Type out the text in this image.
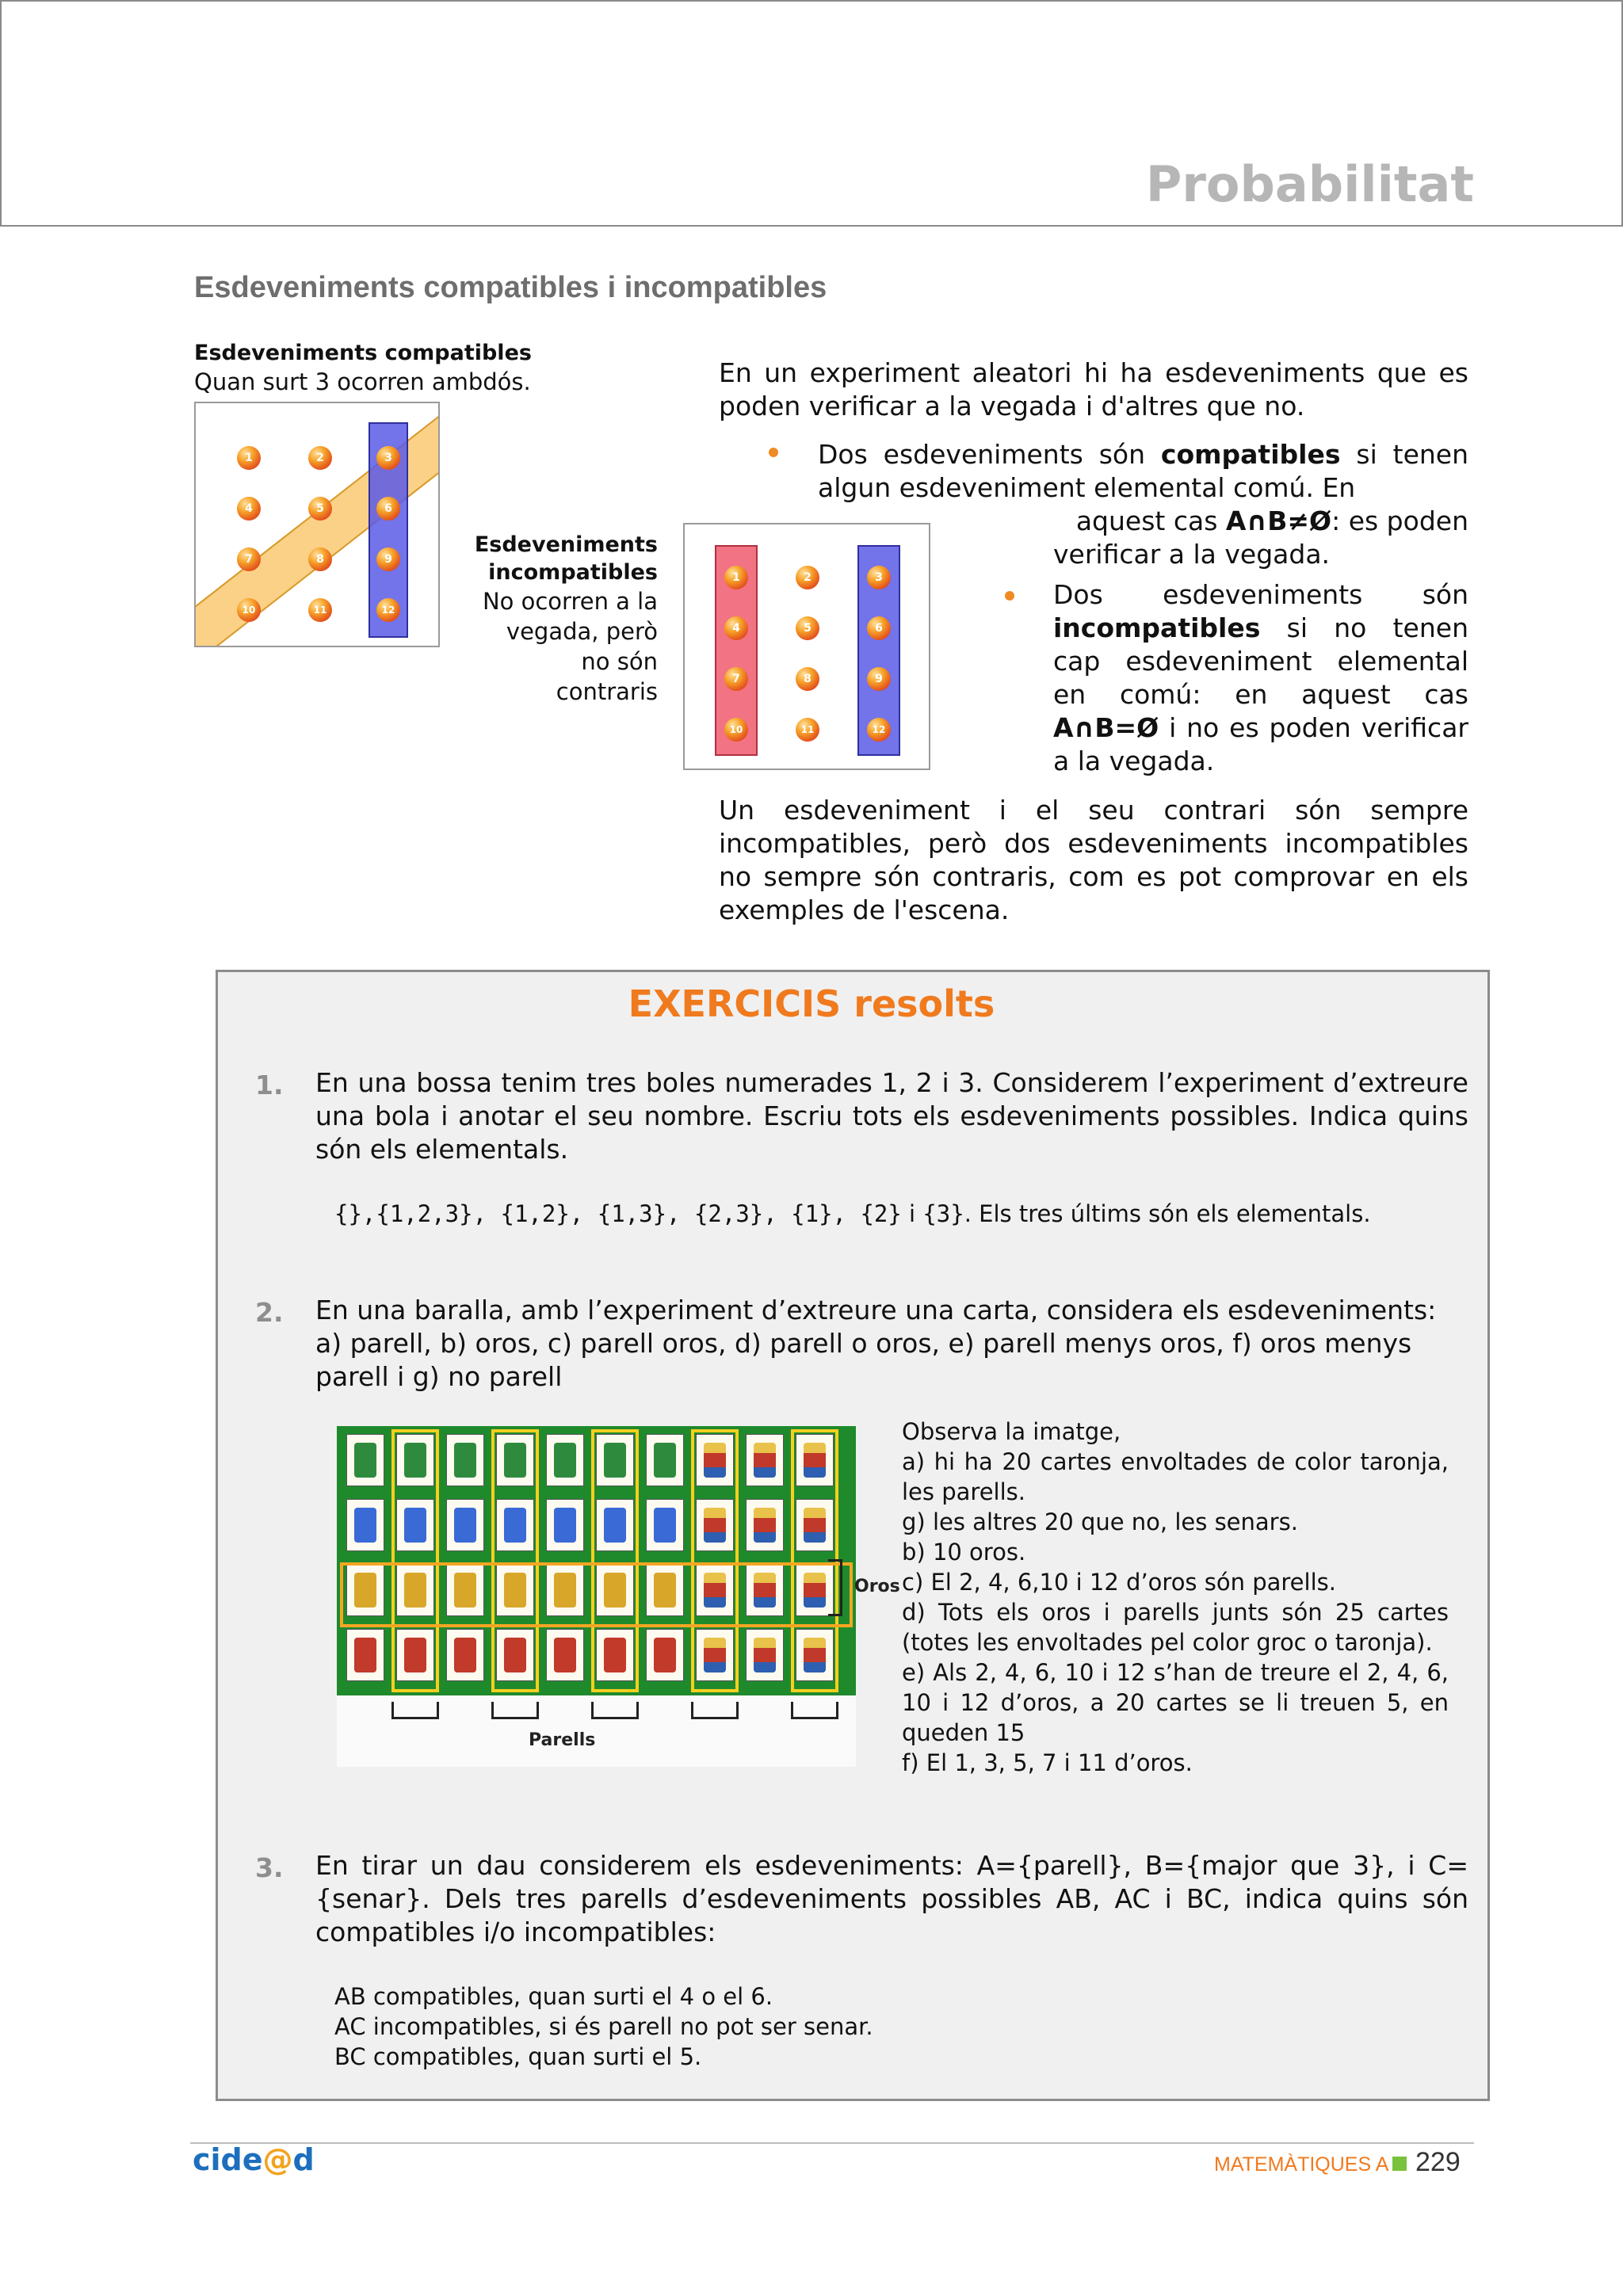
Probabilitat
Esdeveniments compatibles i incompatibles
Esdeveniments compatibles
Quan surt 3 ocorren ambdós.
1	2	3
4	5	6
7	8	9
10	11	12
Esdeveniments
incompatibles
No ocorren a la
vegada, però
no són
contraris
1	2	3
4	5	6
7	8	9
10	11	12
En un experiment aleatori hi ha esdeveniments que es poden verificar a la vegada i d'altres que no.
Dos esdeveniments són compatibles si tenen algun esdeveniment elemental comú. En
aquest cas A∩B≠Ø: es poden
verificar a la vegada.
Dos esdeveniments són incompatibles si no tenen cap esdeveniment elemental en comú: en aquest cas A∩B=Ø i no es poden verificar a la vegada.
Un esdeveniment i el seu contrari són sempre incompatibles, però dos esdeveniments incompatibles no sempre són contraris, com es pot comprovar en els exemples de l'escena.
EXERCICIS resolts
1. En una bossa tenim tres boles numerades 1, 2 i 3. Considerem l’experiment d’extreure una bola i anotar el seu nombre. Escriu tots els esdeveniments possibles. Indica quins són els elementals.
{},{1,2,3}, {1,2}, {1,3}, {2,3}, {1}, {2} i {3}. Els tres últims són els elementals.
2. En una baralla, amb l’experiment d’extreure una carta, considera els esdeveniments: a) parell, b) oros, c) parell oros, d) parell o oros, e) parell menys oros, f) oros menys parell i g) no parell
Parells
Oros
Observa la imatge,
a) hi ha 20 cartes envoltades de color taronja, les parells.
g) les altres 20 que no, les senars.
b) 10 oros.
c) El 2, 4, 6,10 i 12 d’oros són parells.
d) Tots els oros i parells junts són 25 cartes (totes les envoltades pel color groc o taronja).
e) Als 2, 4, 6, 10 i 12 s’han de treure el 2, 4, 6, 10 i 12 d’oros, a 20 cartes se li treuen 5, en queden 15
f) El 1, 3, 5, 7 i 11 d’oros.
3. En tirar un dau considerem els esdeveniments: A={parell}, B={major que 3}, i C={senar}. Dels tres parells d’esdeveniments possibles AB, AC i BC, indica quins són compatibles i/o incompatibles:
AB compatibles, quan surti el 4 o el 6.
AC incompatibles, si és parell no pot ser senar.
BC compatibles, quan surti el 5.
cide@d	MATEMÀTIQUES A 229
